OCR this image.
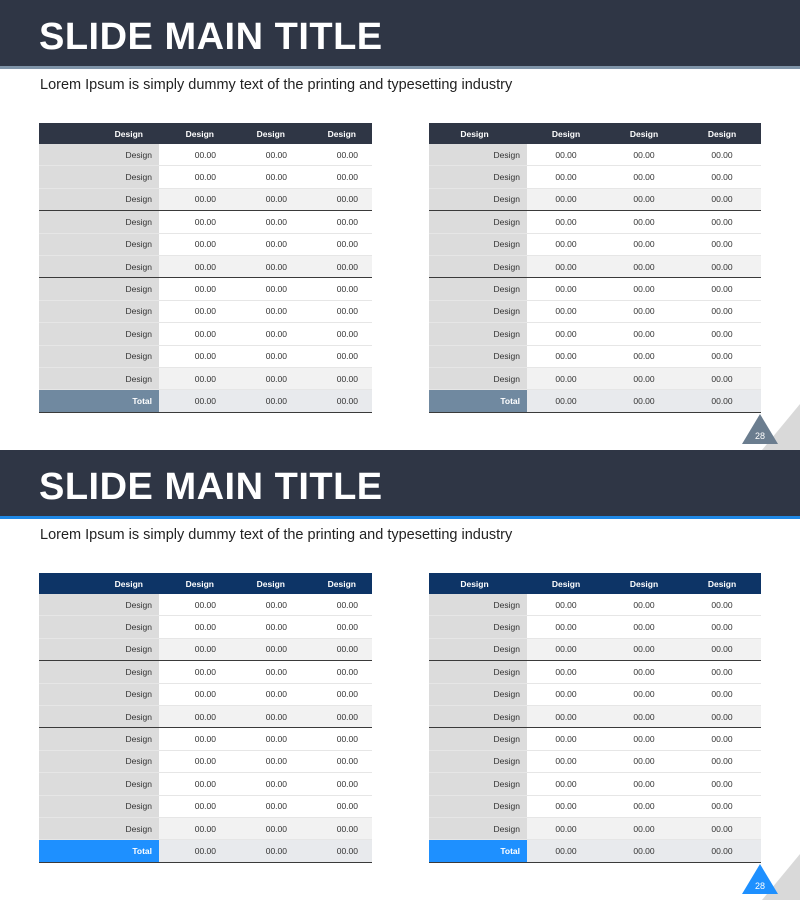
SLIDE MAIN TITLE
Lorem Ipsum is simply dummy text of the printing and typesetting industry
Design	Design	Design	Design
Design	00.00	00.00	00.00
Design	00.00	00.00	00.00
Design	00.00	00.00	00.00
Design	00.00	00.00	00.00
Design	00.00	00.00	00.00
Design	00.00	00.00	00.00
Design	00.00	00.00	00.00
Design	00.00	00.00	00.00
Design	00.00	00.00	00.00
Design	00.00	00.00	00.00
Design	00.00	00.00	00.00
Total	00.00	00.00	00.00
Design	Design	Design	Design
Design	00.00	00.00	00.00
Design	00.00	00.00	00.00
Design	00.00	00.00	00.00
Design	00.00	00.00	00.00
Design	00.00	00.00	00.00
Design	00.00	00.00	00.00
Design	00.00	00.00	00.00
Design	00.00	00.00	00.00
Design	00.00	00.00	00.00
Design	00.00	00.00	00.00
Design	00.00	00.00	00.00
Total	00.00	00.00	00.00
28
SLIDE MAIN TITLE
Lorem Ipsum is simply dummy text of the printing and typesetting industry
Design	Design	Design	Design
Design	00.00	00.00	00.00
Design	00.00	00.00	00.00
Design	00.00	00.00	00.00
Design	00.00	00.00	00.00
Design	00.00	00.00	00.00
Design	00.00	00.00	00.00
Design	00.00	00.00	00.00
Design	00.00	00.00	00.00
Design	00.00	00.00	00.00
Design	00.00	00.00	00.00
Design	00.00	00.00	00.00
Total	00.00	00.00	00.00
Design	Design	Design	Design
Design	00.00	00.00	00.00
Design	00.00	00.00	00.00
Design	00.00	00.00	00.00
Design	00.00	00.00	00.00
Design	00.00	00.00	00.00
Design	00.00	00.00	00.00
Design	00.00	00.00	00.00
Design	00.00	00.00	00.00
Design	00.00	00.00	00.00
Design	00.00	00.00	00.00
Design	00.00	00.00	00.00
Total	00.00	00.00	00.00
28
